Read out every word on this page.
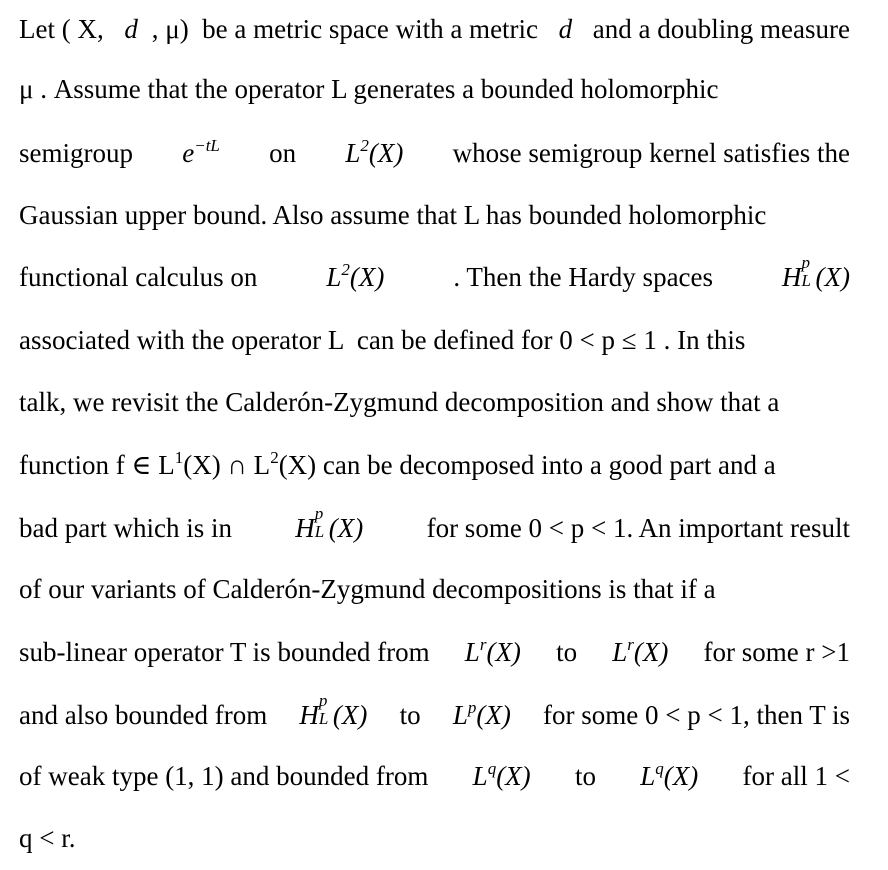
Let ( X, d , μ)  be a metric space with a metric d and a doubling measure
μ . Assume that the operator L generates a bounded holomorphic
semigroup $e^{-tL}$ on $L^2(X)$ whose semigroup kernel satisfies the
Gaussian upper bound. Also assume that L has bounded holomorphic
functional calculus on $L^2(X)$ . Then the Hardy spaces H p
L (X)
associated with the operator L  can be defined for 0 < p ≤ 1 . In this
talk, we revisit the Calderón-Zygmund decomposition and show that a
function f ∈ $L^1(X)$ ∩ $L^2(X)$ can be decomposed into a good part and a
bad part which is in H p
L (X) for some 0 < p < 1. An important result
of our variants of Calderón-Zygmund decompositions is that if a
sub-linear operator T is bounded from $L^r(X)$ to $L^r(X)$ for some r >1
and also bounded from H p
L (X) to $L^p(X)$ for some 0 < p < 1, then T is
of weak type (1, 1) and bounded from $L^q(X)$ to $L^q(X)$ for all 1 <
q < r.
